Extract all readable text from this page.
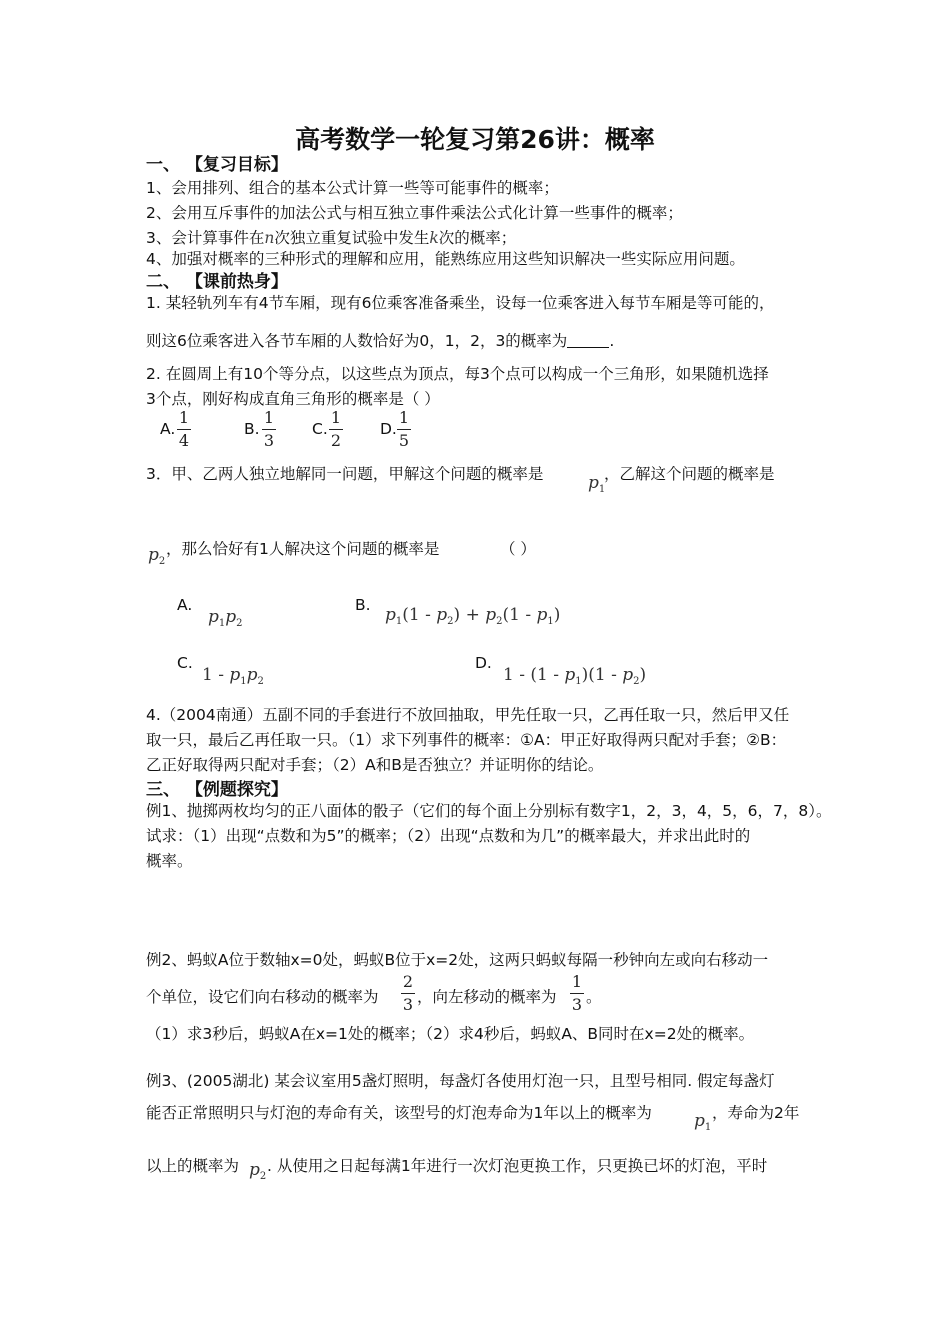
高考数学一轮复习第26讲：概率
一、 【复习目标】
1、会用排列、组合的基本公式计算一些等可能事件的概率；
2、会用互斥事件的加法公式与相互独立事件乘法公式化计算一些事件的概率；
3、会计算事件在n次独立重复试验中发生k次的概率；
4、加强对概率的三种形式的理解和应用，能熟练应用这些知识解决一些实际应用问题。
二、 【课前热身】
1. 某轻轨列车有4节车厢，现有6位乘客准备乘坐，设每一位乘客进入每节车厢是等可能的，
则这6位乘客进入各节车厢的人数恰好为0，1，2，3的概率为	.
2. 在圆周上有10个等分点，以这些点为顶点，每3个点可以构成一个三角形，如果随机选择
3个点，刚好构成直角三角形的概率是（ ）
A.
1
4
B.
1
3
C.
1
2
D.
1
5
3．甲、乙两人独立地解同一问题，甲解这个问题的概率是	$p_1$
，乙解这个问题的概率是
$p_2$
，那么恰好有1人解决这个问题的概率是	（ ）
A.
$p_1p_2$
B. $p_1(1 - p_2) + p_2(1 - p_1)$
C.
$1 - p_1p_2$
D.
$1 - (1 - p_1)(1 - p_2)$
4.（2004南通）五副不同的手套进行不放回抽取，甲先任取一只，乙再任取一只，然后甲又任
取一只，最后乙再任取一只。（1）求下列事件的概率：①A：甲正好取得两只配对手套；②B：
乙正好取得两只配对手套；（2）A和B是否独立？并证明你的结论。
三、 【例题探究】
例1、抛掷两枚均匀的正八面体的骰子（它们的每个面上分别标有数字1，2，3，4，5，6，7，8）。
试求：（1）出现“点数和为5”的概率；（2）出现“点数和为几”的概率最大，并求出此时的
概率。
例2、蚂蚁A位于数轴x=0处，蚂蚁B位于x=2处，这两只蚂蚁每隔一秒钟向左或向右移动一
个单位，设它们向右移动的概率为
2
3 ，向左移动的概率为
1
3 。
（1）求3秒后，蚂蚁A在x=1处的概率；（2）求4秒后，蚂蚁A、B同时在x=2处的概率。
例3、(2005湖北) 某会议室用5盏灯照明，每盏灯各使用灯泡一只，且型号相同. 假定每盏灯
能否正常照明只与灯泡的寿命有关，该型号的灯泡寿命为1年以上的概率为 $p_1$
，寿命为2年
以上的概率为 $p_2$
. 从使用之日起每满1年进行一次灯泡更换工作，只更换已坏的灯泡，平时
